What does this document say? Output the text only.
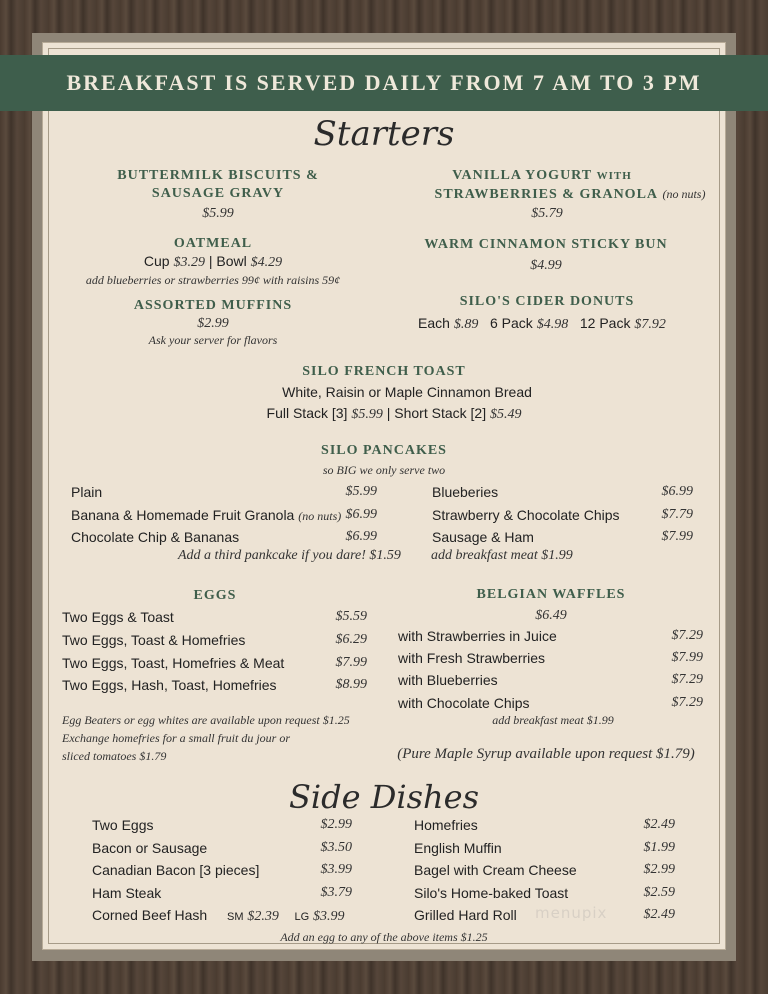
BREAKFAST IS SERVED DAILY FROM 7 AM TO 3 PM
Starters
BUTTERMILK BISCUITS &
SAUSAGE GRAVY
$5.99
OATMEAL
Cup $3.29 | Bowl $4.29
add blueberries or strawberries 99¢ with raisins 59¢
ASSORTED MUFFINS
$2.99
Ask your server for flavors
VANILLA YOGURT WITH
STRAWBERRIES & GRANOLA (no nuts)
$5.79
WARM CINNAMON STICKY BUN
$4.99
SILO'S CIDER DONUTS
Each $.89 6 Pack $4.98 12 Pack $7.92
SILO FRENCH TOAST
White, Raisin or Maple Cinnamon Bread
Full Stack [3] $5.99 | Short Stack [2] $5.49
SILO PANCAKES
so BIG we only serve two
Plain	$5.99
Banana & Homemade Fruit Granola (no nuts) $6.99
Chocolate Chip & Bananas	$6.99
Blueberies	$6.99
Strawberry & Chocolate Chips	$7.79
Sausage & Ham	$7.99
Add a third pankcake if you dare! $1.59 add breakfast meat $1.99
EGGS
Two Eggs & Toast	$5.59
Two Eggs, Toast & Homefries	$6.29
Two Eggs, Toast, Homefries & Meat	$7.99
Two Eggs, Hash, Toast, Homefries	$8.99
Egg Beaters or egg whites are available upon request $1.25
Exchange homefries for a small fruit du jour or
sliced tomatoes $1.79
BELGIAN WAFFLES
$6.49
with Strawberries in Juice	$7.29
with Fresh Strawberries	$7.99
with Blueberries	$7.29
with Chocolate Chips	$7.29
add breakfast meat $1.99
(Pure Maple Syrup available upon request $1.79)
Side Dishes
Two Eggs	$2.99
Bacon or Sausage	$3.50
Canadian Bacon [3 pieces]	$3.99
Ham Steak	$3.79
Corned Beef Hash SM $2.39 LG $3.99
Homefries	$2.49
English Muffin	$1.99
Bagel with Cream Cheese	$2.99
Silo's Home-baked Toast	$2.59
Grilled Hard Roll	$2.49
menupix
Add an egg to any of the above items $1.25
